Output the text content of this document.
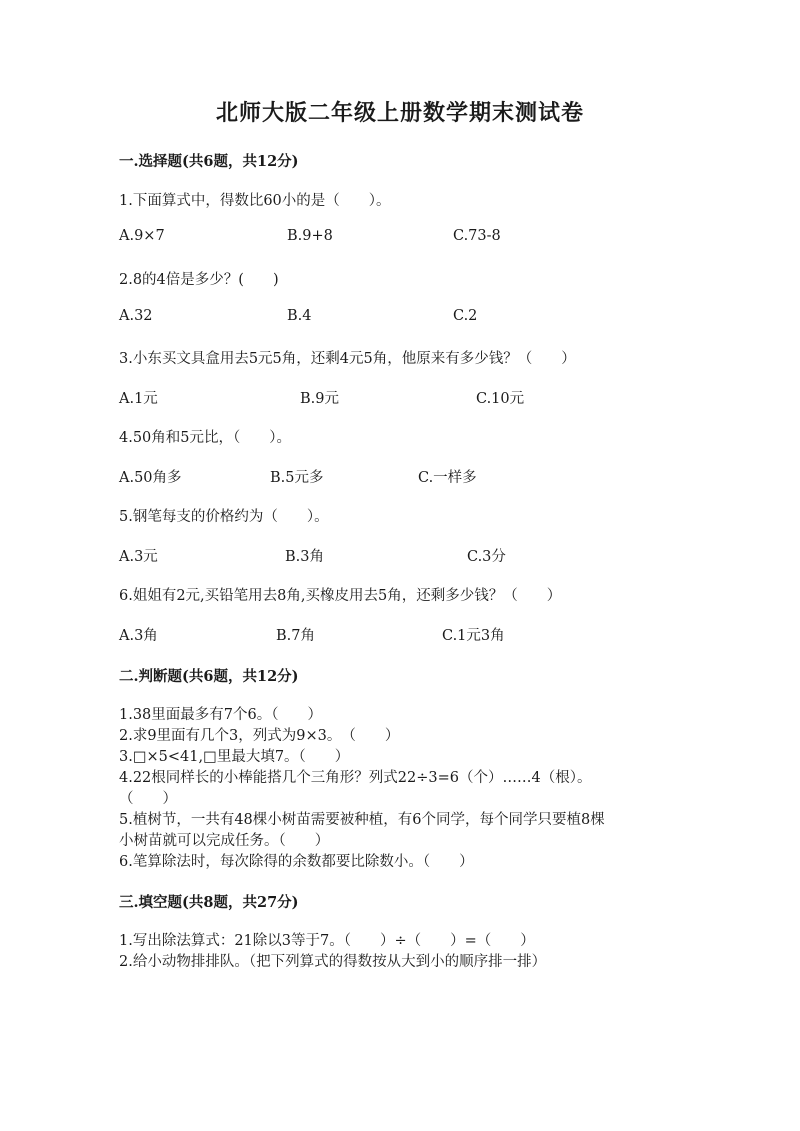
北师大版二年级上册数学期末测试卷
一.选择题(共6题，共12分)
1.下面算式中，得数比60小的是（　　）。
A.9×7	B.9+8	C.73-8
2.8的4倍是多少？(　　)
A.32	B.4	C.2
3.小东买文具盒用去5元5角，还剩4元5角，他原来有多少钱？（　　）
A.1元	B.9元	C.10元
4.50角和5元比，（　　）。
A.50角多	B.5元多	C.一样多
5.钢笔每支的价格约为（　　）。
A.3元	B.3角	C.3分
6.姐姐有2元,买铅笔用去8角,买橡皮用去5角，还剩多少钱？（　　）
A.3角	B.7角	C.1元3角
二.判断题(共6题，共12分)
1.38里面最多有7个6。（　　）
2.求9里面有几个3，列式为9×3。　（　　）
3.□×5<41,□里最大填7。（　　）
4.22根同样长的小棒能搭几个三角形？列式22÷3=6（个）……4（根）。
（　　）
5.植树节，一共有48棵小树苗需要被种植，有6个同学，每个同学只要植8棵
小树苗就可以完成任务。（　　）
6.笔算除法时，每次除得的余数都要比除数小。（　　）
三.填空题(共8题，共27分)
1.写出除法算式：21除以3等于7。（　　）÷（　　）=（　　）
2.给小动物排排队。（把下列算式的得数按从大到小的顺序排一排）
